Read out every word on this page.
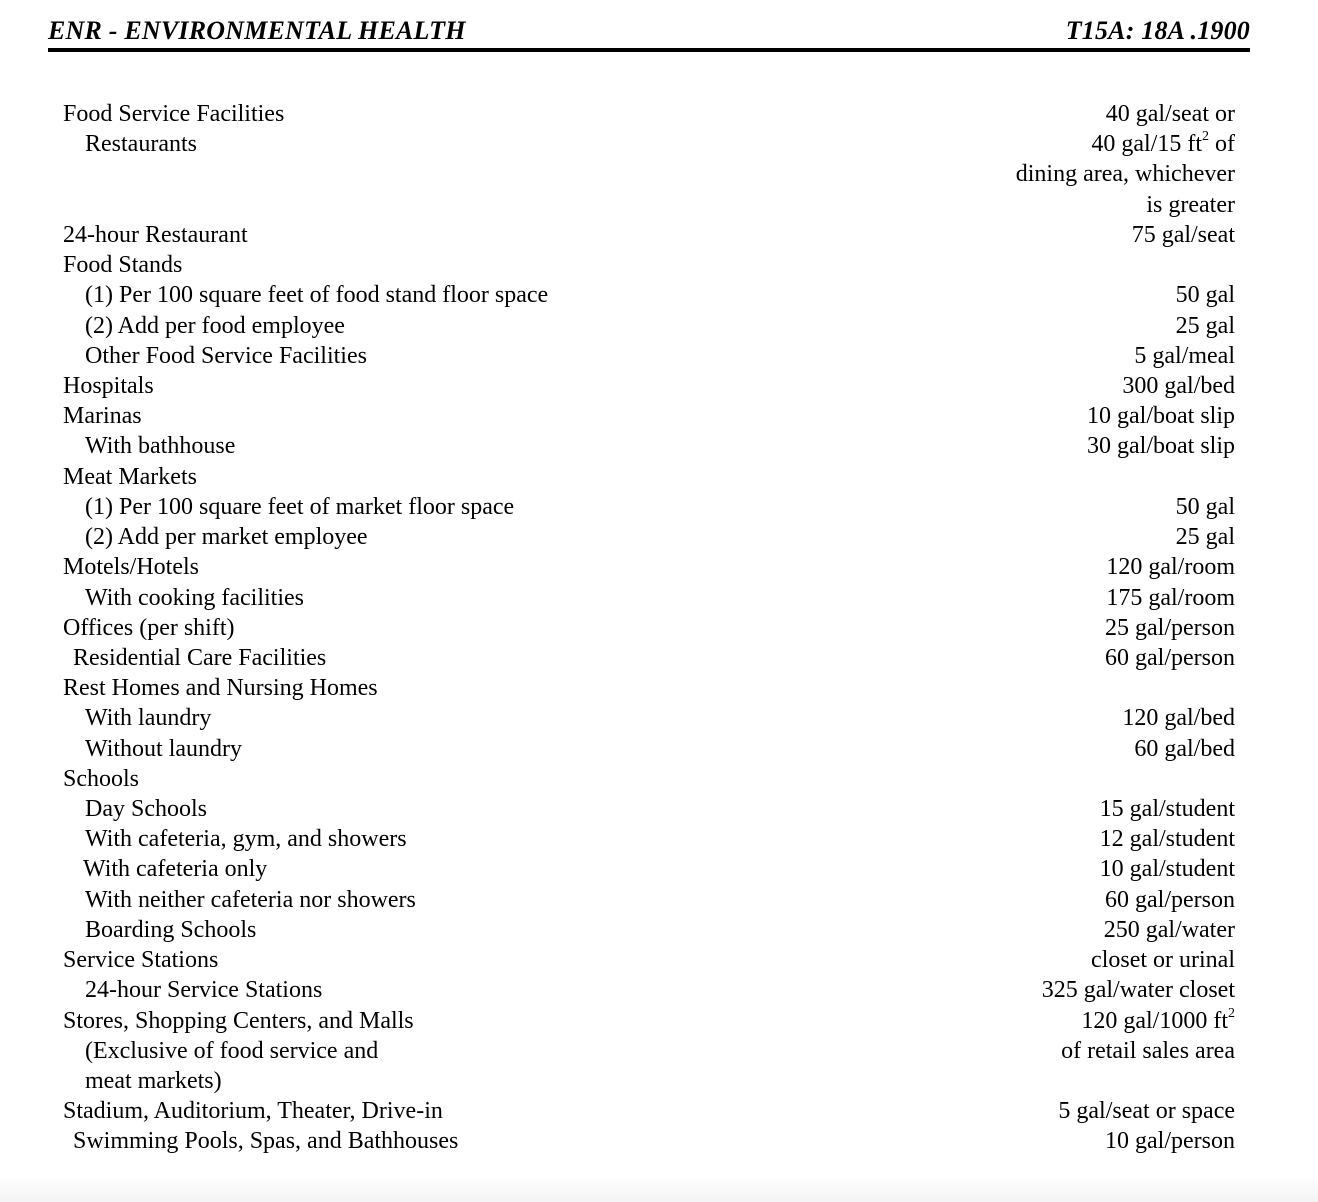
ENR - ENVIRONMENTAL HEALTH	T15A: 18A .1900
Food Service Facilities	40 gal/seat or
Restaurants	40 gal/15 $ft^2$ of
dining area, whichever
is greater
24-hour Restaurant	75 gal/seat
Food Stands
(1) Per 100 square feet of food stand floor space	50 gal
(2) Add per food employee	25 gal
Other Food Service Facilities	5 gal/meal
Hospitals	300 gal/bed
Marinas	10 gal/boat slip
With bathhouse	30 gal/boat slip
Meat Markets
(1) Per 100 square feet of market floor space	50 gal
(2) Add per market employee	25 gal
Motels/Hotels	120 gal/room
With cooking facilities	175 gal/room
Offices (per shift)	25 gal/person
Residential Care Facilities	60 gal/person
Rest Homes and Nursing Homes
With laundry	120 gal/bed
Without laundry	60 gal/bed
Schools
Day Schools	15 gal/student
With cafeteria, gym, and showers	12 gal/student
With cafeteria only	10 gal/student
With neither cafeteria nor showers	60 gal/person
Boarding Schools	250 gal/water
Service Stations	closet or urinal
24-hour Service Stations	325 gal/water closet
Stores, Shopping Centers, and Malls	120 gal/1000 $ft^2$
(Exclusive of food service and	of retail sales area
meat markets)
Stadium, Auditorium, Theater, Drive-in	5 gal/seat or space
Swimming Pools, Spas, and Bathhouses	10 gal/person
